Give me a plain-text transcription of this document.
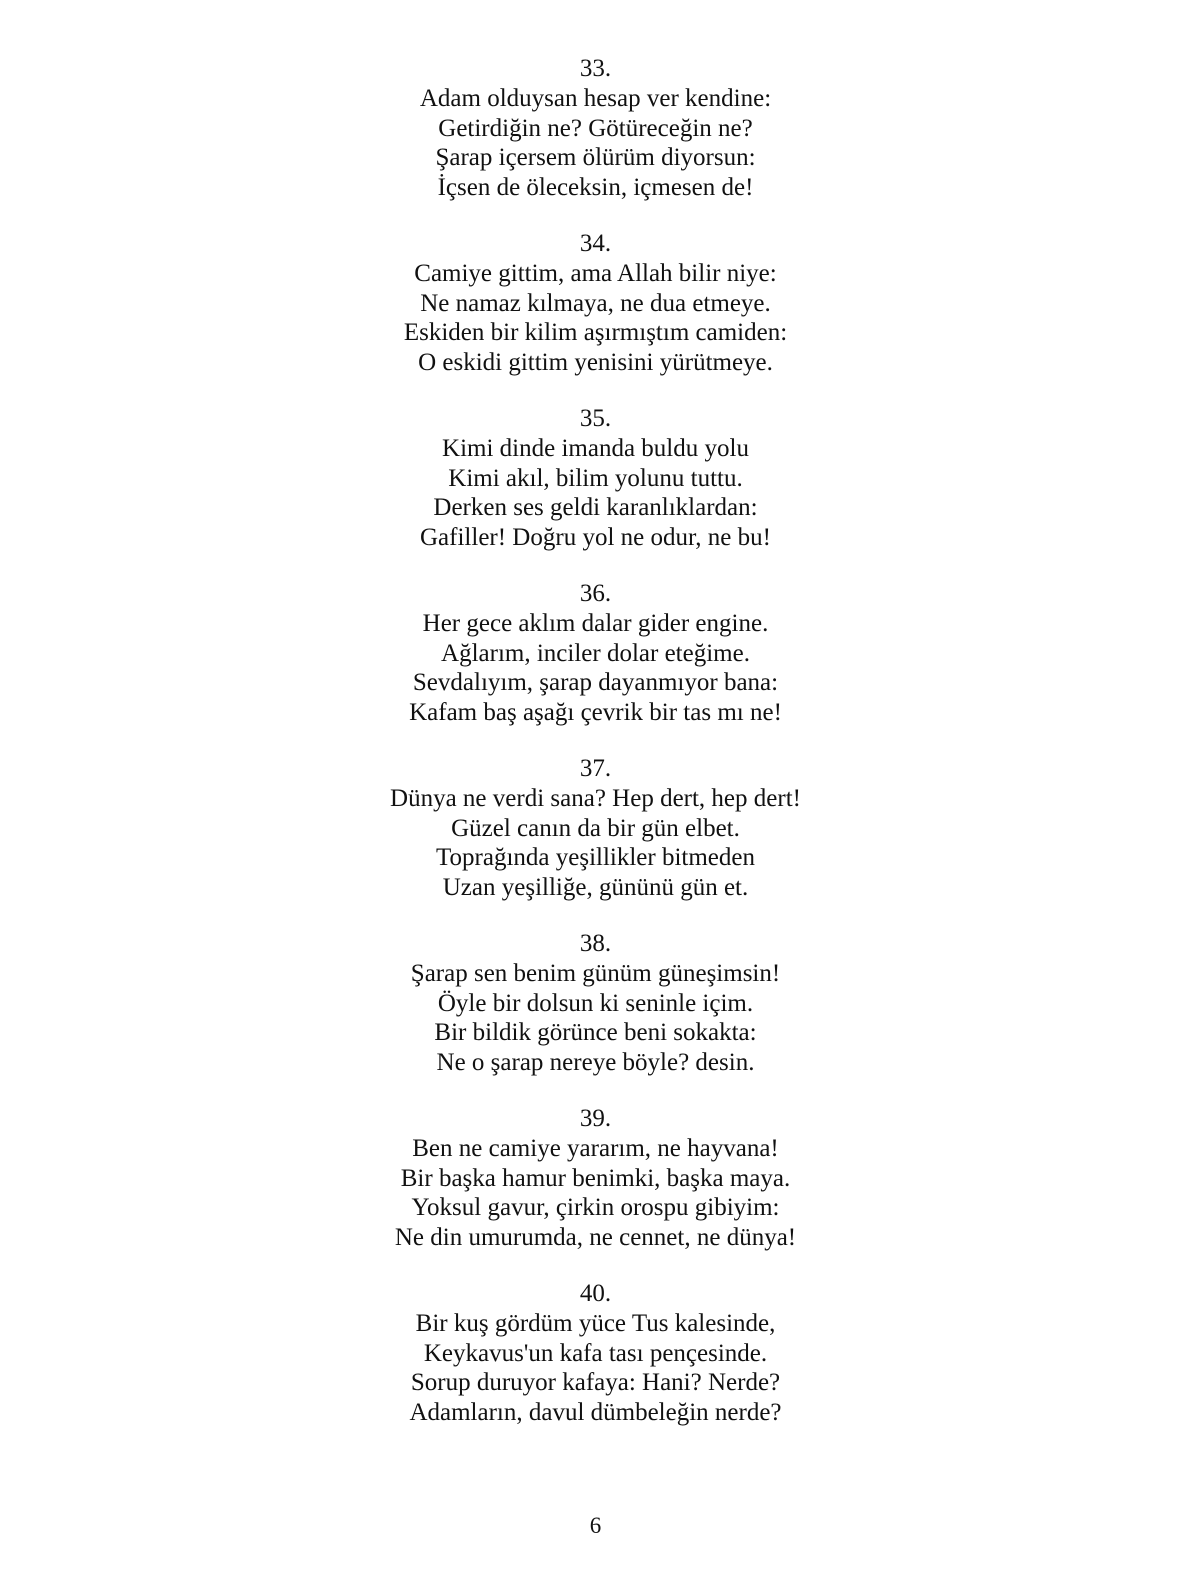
33.
Adam olduysan hesap ver kendine:
Getirdiğin ne? Götüreceğin ne?
Şarap içersem ölürüm diyorsun:
İçsen de öleceksin, içmesen de!
34.
Camiye gittim, ama Allah bilir niye:
Ne namaz kılmaya, ne dua etmeye.
Eskiden bir kilim aşırmıştım camiden:
O eskidi gittim yenisini yürütmeye.
35.
Kimi dinde imanda buldu yolu
Kimi akıl, bilim yolunu tuttu.
Derken ses geldi karanlıklardan:
Gafiller! Doğru yol ne odur, ne bu!
36.
Her gece aklım dalar gider engine.
Ağlarım, inciler dolar eteğime.
Sevdalıyım, şarap dayanmıyor bana:
Kafam baş aşağı çevrik bir tas mı ne!
37.
Dünya ne verdi sana? Hep dert, hep dert!
Güzel canın da bir gün elbet.
Toprağında yeşillikler bitmeden
Uzan yeşilliğe, gününü gün et.
38.
Şarap sen benim günüm güneşimsin!
Öyle bir dolsun ki seninle içim.
Bir bildik görünce beni sokakta:
Ne o şarap nereye böyle? desin.
39.
Ben ne camiye yararım, ne hayvana!
Bir başka hamur benimki, başka maya.
Yoksul gavur, çirkin orospu gibiyim:
Ne din umurumda, ne cennet, ne dünya!
40.
Bir kuş gördüm yüce Tus kalesinde,
Keykavus'un kafa tası pençesinde.
Sorup duruyor kafaya: Hani? Nerde?
Adamların, davul dümbeleğin nerde?
6
